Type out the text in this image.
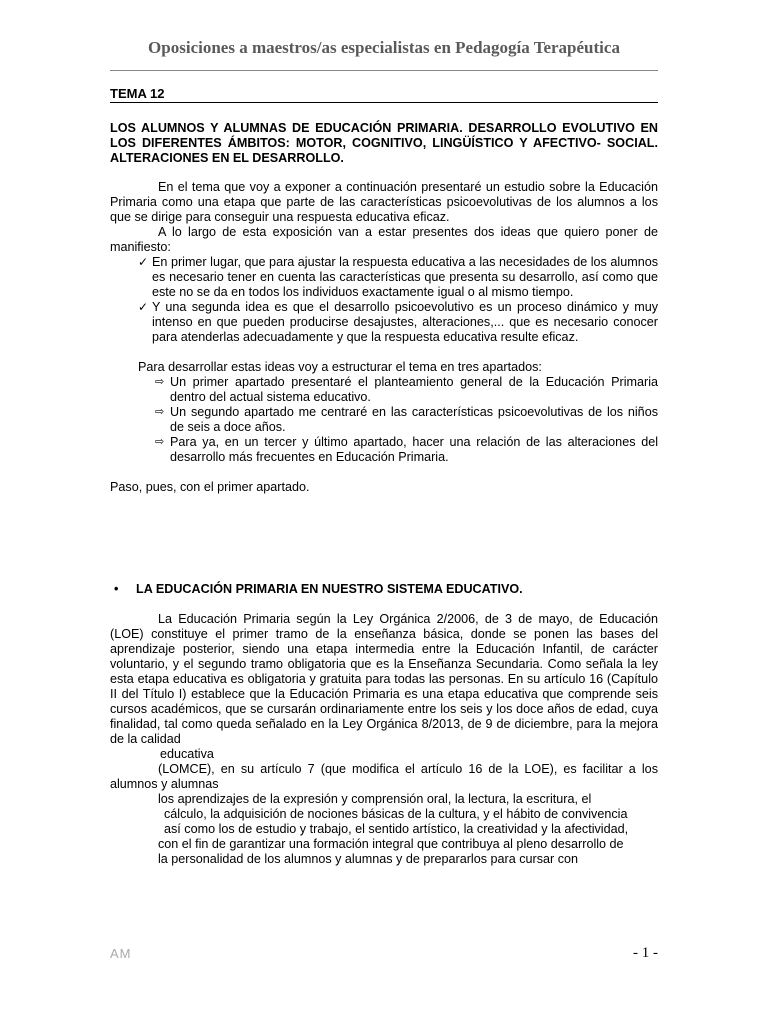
Oposiciones a maestros/as especialistas en Pedagogía Terapéutica
TEMA 12
LOS ALUMNOS Y ALUMNAS DE EDUCACIÓN PRIMARIA. DESARROLLO EVOLUTIVO EN LOS DIFERENTES ÁMBITOS: MOTOR, COGNITIVO, LINGÜÍSTICO Y AFECTIVO- SOCIAL. ALTERACIONES EN EL DESARROLLO.

En el tema que voy a exponer a continuación presentaré un estudio sobre la Educación Primaria como una etapa que parte de las características psicoevolutivas de los alumnos a los que se dirige para conseguir una respuesta educativa eficaz.

A lo largo de esta exposición van a estar presentes dos ideas que quiero poner de manifiesto:

✓ En primer lugar, que para ajustar la respuesta educativa a las necesidades de los alumnos es necesario tener en cuenta las características que presenta su desarrollo, así como que este no se da en todos los individuos exactamente igual o al mismo tiempo.
✓ Y una segunda idea es que el desarrollo psicoevolutivo es un proceso dinámico y muy intenso en que pueden producirse desajustes, alteraciones,... que es necesario conocer para atenderlas adecuadamente y que la respuesta educativa resulte eficaz.

Para desarrollar estas ideas voy a estructurar el tema en tres apartados:

⇨ Un primer apartado presentaré el planteamiento general de la Educación Primaria dentro del actual sistema educativo.
⇨ Un segundo apartado me centraré en las características psicoevolutivas de los niños de seis a doce años.
⇨ Para ya, en un tercer y último apartado, hacer una relación de las alteraciones del desarrollo más frecuentes en Educación Primaria.

Paso, pues, con el primer apartado.

• LA EDUCACIÓN PRIMARIA EN NUESTRO SISTEMA EDUCATIVO.

La Educación Primaria según la Ley Orgánica 2/2006, de 3 de mayo, de Educación (LOE) constituye el primer tramo de la enseñanza básica, donde se ponen las bases del aprendizaje posterior, siendo una etapa intermedia entre la Educación Infantil, de carácter voluntario, y el segundo tramo obligatoria que es la Enseñanza Secundaria. Como señala la ley esta etapa educativa es obligatoria y gratuita para todas las personas. En su artículo 16 (Capítulo II del Título I) establece que la Educación Primaria es una etapa educativa que comprende seis cursos académicos, que se cursarán ordinariamente entre los seis y los doce años de edad, cuya finalidad, tal como queda señalado en la Ley Orgánica 8/2013, de 9 de diciembre, para la mejora de la calidad

educativa

(LOMCE), en su artículo 7 (que modifica el artículo 16 de la LOE), es facilitar a los alumnos y alumnas

los aprendizajes de la expresión y comprensión oral, la lectura, la escritura, el

cálculo, la adquisición de nociones básicas de la cultura, y el hábito de convivencia

así como los de estudio y trabajo, el sentido artístico, la creatividad y la afectividad,

con el fin de garantizar una formación integral que contribuya al pleno desarrollo de

la personalidad de los alumnos y alumnas y de prepararlos para cursar con

AM	- 1 -
